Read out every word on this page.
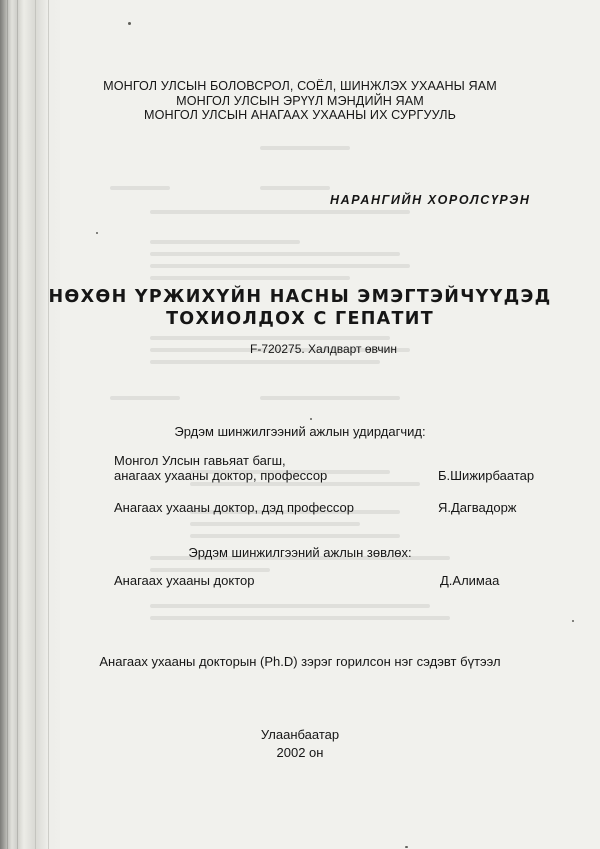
МОНГОЛ УЛСЫН БОЛОВСРОЛ, СОЁЛ, ШИНЖЛЭХ УХААНЫ ЯАМ
МОНГОЛ УЛСЫН ЭРҮҮЛ МЭНДИЙН ЯАМ
МОНГОЛ УЛСЫН АНАГААХ УХААНЫ ИХ СУРГУУЛЬ
НАРАНГИЙН ХОРОЛСҮРЭН
НӨХӨН ҮРЖИХҮЙН НАСНЫ ЭМЭГТЭЙЧҮҮДЭД
ТОХИОЛДОХ С ГЕПАТИТ
F-720275. Халдварт өвчин
Эрдэм шинжилгээний ажлын удирдагчид:
Монгол Улсын гавьяат багш,
анагаах ухааны доктор, профессор	Б.Шижирбаатар
Анагаах ухааны доктор, дэд профессор	Я.Дагвадорж
Эрдэм шинжилгээний ажлын зөвлөх:
Анагаах ухааны доктор	Д.Алимаа
Анагаах ухааны докторын (Ph.D) зэрэг горилсон нэг сэдэвт бүтээл
Улаанбаатар
2002 он
